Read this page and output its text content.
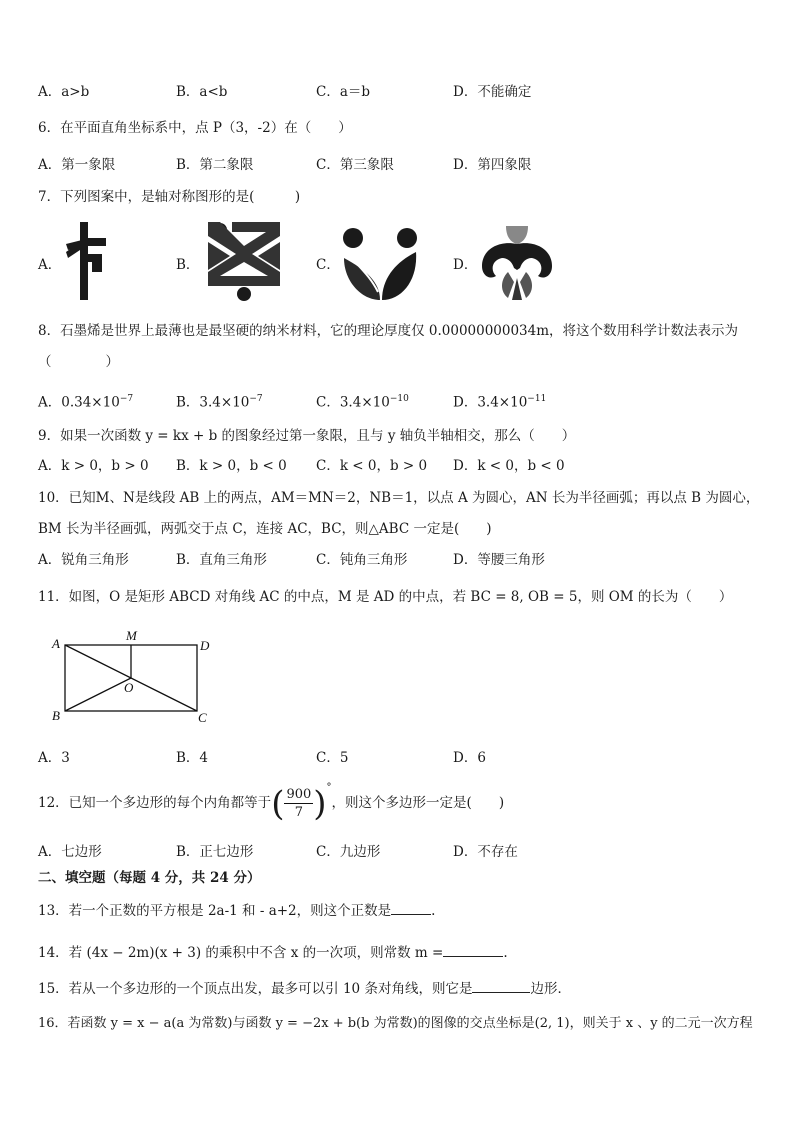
A．a>b	B．a<b	C．a＝b	D．不能确定
6．在平面直角坐标系中，点 P（3，-2）在（　　）
A．第一象限	B．第二象限	C．第三象限	D．第四象限
7．下列图案中，是轴对称图形的是(　　　)
A．	B．	C．	D．
8．石墨烯是世界上最薄也是最坚硬的纳米材料，它的理论厚度仅 0.00000000034m，将这个数用科学计数法表示为
（　　　　）
A．$0.34\times 10^{-7}$	B．$3.4\times 10^{-7}$	C．$3.4\times 10^{-10}$	D．$3.4\times 10^{-11}$
9．如果一次函数 y = kx + b 的图象经过第一象限，且与 y 轴负半轴相交，那么（　　）
A．k > 0，b > 0 B．k > 0，b < 0 C．k < 0，b > 0 D．k < 0，b < 0
10．已知M、N是线段 AB 上的两点，AM＝MN＝2，NB＝1，以点 A 为圆心，AN 长为半径画弧；再以点 B 为圆心，
BM 长为半径画弧，两弧交于点 C，连接 AC，BC，则△ABC 一定是(　　)
A．锐角三角形	B．直角三角形	C．钝角三角形	D．等腰三角形
11．如图，O 是矩形 ABCD 对角线 AC 的中点，M 是 AD 的中点，若 BC = 8, OB = 5，则 OM 的长为（　　）
A
M
D
O
B	C
A．3	B．4	C．5	D．6
12．已知一个多边形的每个内角都等于( $\frac{900}{7} )^\circ$，则这个多边形一定是(　　)
A．七边形	B．正七边形	C．九边形	D．不存在
二、填空题（每题 4 分，共 24 分）
13．若一个正数的平方根是 2a-1 和 - a+2，则这个正数是	.
14．若 (4x − 2m)(x + 3) 的乘积中不含 x 的一次项，则常数 m =	.
15．若从一个多边形的一个顶点出发，最多可以引 10 条对角线，则它是	边形．
16．若函数 y = x − a(a 为常数)与函数 y = −2x + b(b 为常数)的图像的交点坐标是(2, 1)，则关于 x 、y 的二元一次方程
